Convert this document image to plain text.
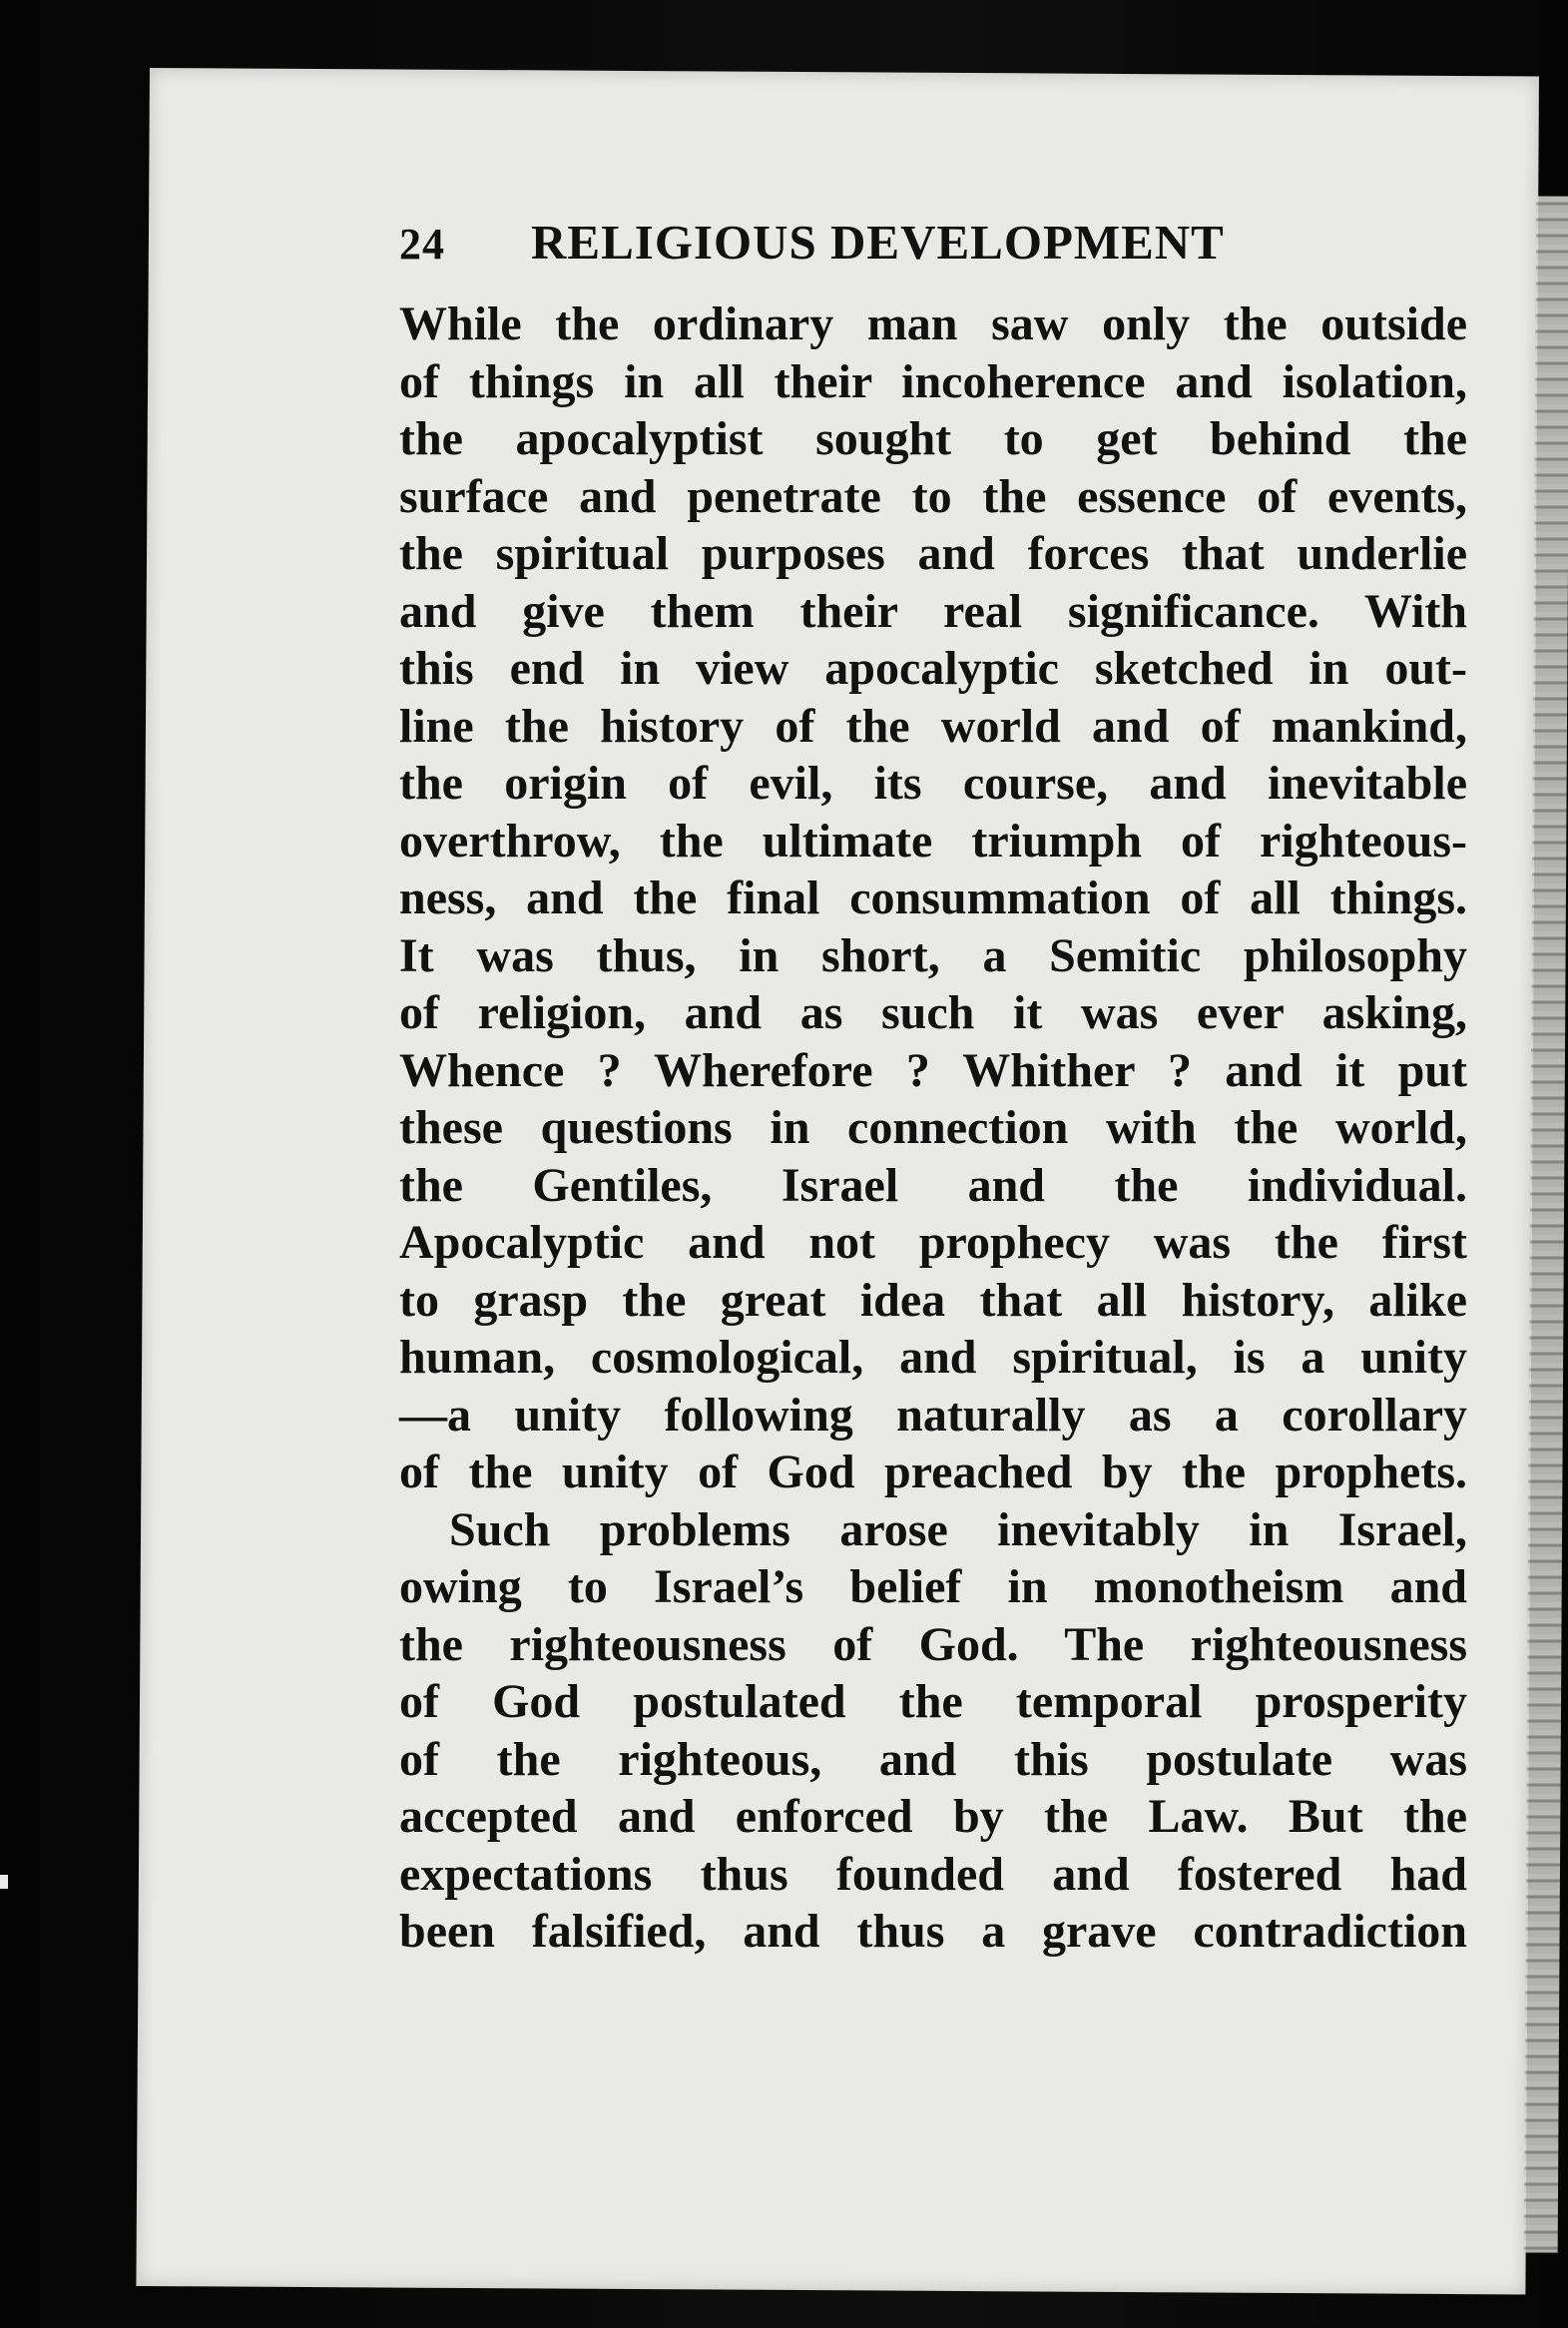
24 RELIGIOUS DEVELOPMENT
While the ordinary man saw only the outside
of things in all their incoherence and isolation,
the apocalyptist sought to get behind the
surface and penetrate to the essence of events,
the spiritual purposes and forces that underlie
and give them their real significance. With
this end in view apocalyptic sketched in out-
line the history of the world and of mankind,
the origin of evil, its course, and inevitable
overthrow, the ultimate triumph of righteous-
ness, and the final consummation of all things.
It was thus, in short, a Semitic philosophy
of religion, and as such it was ever asking,
Whence ? Wherefore ? Whither ? and it put
these questions in connection with the world,
the Gentiles, Israel and the individual.
Apocalyptic and not prophecy was the first
to grasp the great idea that all history, alike
human, cosmological, and spiritual, is a unity
—a unity following naturally as a corollary
of the unity of God preached by the prophets.
Such problems arose inevitably in Israel,
owing to Israel’s belief in monotheism and
the righteousness of God. The righteousness
of God postulated the temporal prosperity
of the righteous, and this postulate was
accepted and enforced by the Law. But the
expectations thus founded and fostered had
been falsified, and thus a grave contradiction
